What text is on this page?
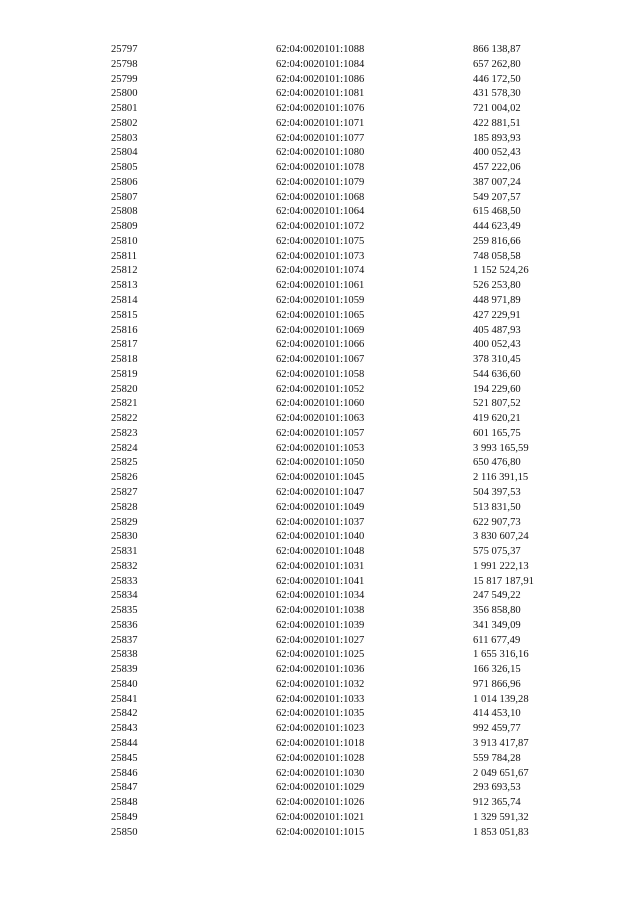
25797	62:04:0020101:1088	866 138,87
25798	62:04:0020101:1084	657 262,80
25799	62:04:0020101:1086	446 172,50
25800	62:04:0020101:1081	431 578,30
25801	62:04:0020101:1076	721 004,02
25802	62:04:0020101:1071	422 881,51
25803	62:04:0020101:1077	185 893,93
25804	62:04:0020101:1080	400 052,43
25805	62:04:0020101:1078	457 222,06
25806	62:04:0020101:1079	387 007,24
25807	62:04:0020101:1068	549 207,57
25808	62:04:0020101:1064	615 468,50
25809	62:04:0020101:1072	444 623,49
25810	62:04:0020101:1075	259 816,66
25811	62:04:0020101:1073	748 058,58
25812	62:04:0020101:1074	1 152 524,26
25813	62:04:0020101:1061	526 253,80
25814	62:04:0020101:1059	448 971,89
25815	62:04:0020101:1065	427 229,91
25816	62:04:0020101:1069	405 487,93
25817	62:04:0020101:1066	400 052,43
25818	62:04:0020101:1067	378 310,45
25819	62:04:0020101:1058	544 636,60
25820	62:04:0020101:1052	194 229,60
25821	62:04:0020101:1060	521 807,52
25822	62:04:0020101:1063	419 620,21
25823	62:04:0020101:1057	601 165,75
25824	62:04:0020101:1053	3 993 165,59
25825	62:04:0020101:1050	650 476,80
25826	62:04:0020101:1045	2 116 391,15
25827	62:04:0020101:1047	504 397,53
25828	62:04:0020101:1049	513 831,50
25829	62:04:0020101:1037	622 907,73
25830	62:04:0020101:1040	3 830 607,24
25831	62:04:0020101:1048	575 075,37
25832	62:04:0020101:1031	1 991 222,13
25833	62:04:0020101:1041	15 817 187,91
25834	62:04:0020101:1034	247 549,22
25835	62:04:0020101:1038	356 858,80
25836	62:04:0020101:1039	341 349,09
25837	62:04:0020101:1027	611 677,49
25838	62:04:0020101:1025	1 655 316,16
25839	62:04:0020101:1036	166 326,15
25840	62:04:0020101:1032	971 866,96
25841	62:04:0020101:1033	1 014 139,28
25842	62:04:0020101:1035	414 453,10
25843	62:04:0020101:1023	992 459,77
25844	62:04:0020101:1018	3 913 417,87
25845	62:04:0020101:1028	559 784,28
25846	62:04:0020101:1030	2 049 651,67
25847	62:04:0020101:1029	293 693,53
25848	62:04:0020101:1026	912 365,74
25849	62:04:0020101:1021	1 329 591,32
25850	62:04:0020101:1015	1 853 051,83
